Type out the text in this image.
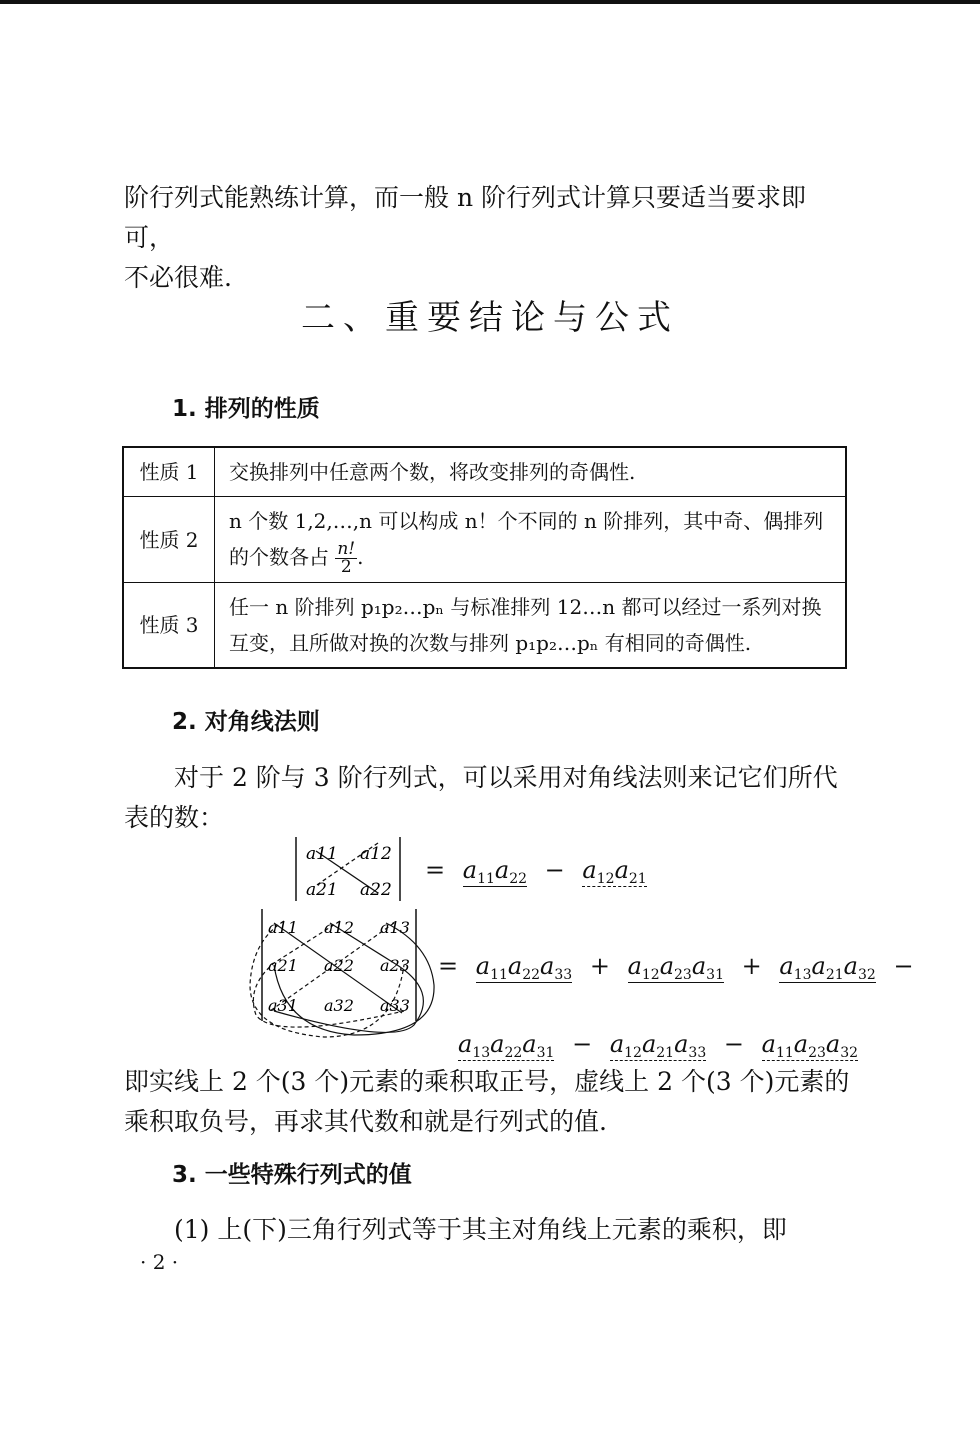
阶行列式能熟练计算，而一般 n 阶行列式计算只要适当要求即可，
不必很难.
二、重要结论与公式
1. 排列的性质
性质 1	交换排列中任意两个数，将改变排列的奇偶性.
性质 2	n 个数 1,2,…,n 可以构成 n！个不同的 n 阶排列，其中奇、偶排列的个数各占 $\frac{n!}{2}$ .
性质 3	任一 n 阶排列 p₁p₂…pₙ 与标准排列 12…n 都可以经过一系列对换互变，且所做对换的次数与排列 p₁p₂…pₙ 有相同的奇偶性.
2. 对角线法则
对于 2 阶与 3 阶行列式，可以采用对角线法则来记它们所代
表的数：
a11 a12
a21 a22
= $a_{11}a_{22} - a_{12}a_{21}$
a11 a12 a13
a21 a22 a23
a31 a32 a33
= $a_{11}a_{22}a_{33} + a_{12}a_{23}a_{31} + a_{13}a_{21}a_{32}$ −
$a_{13}a_{22}a_{31} - a_{12}a_{21}a_{33} - a_{11}a_{23}a_{32}$
即实线上 2 个(3 个)元素的乘积取正号，虚线上 2 个(3 个)元素的
乘积取负号，再求其代数和就是行列式的值.
3. 一些特殊行列式的值
(1) 上(下)三角行列式等于其主对角线上元素的乘积，即
· 2 ·
